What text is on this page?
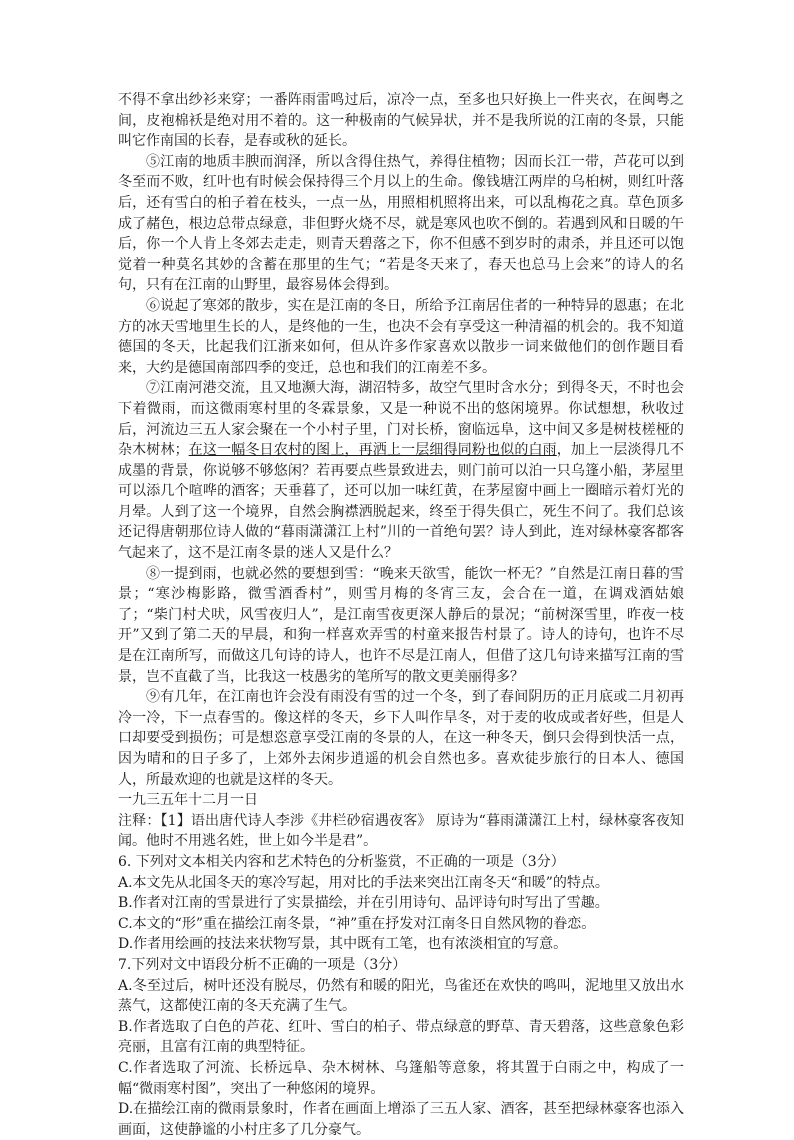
不得不拿出纱衫来穿；一番阵雨雷鸣过后，凉冷一点，至多也只好换上一件夹衣，在闽粤之间，皮袍棉袄是绝对用不着的。这一种极南的气候异状，并不是我所说的江南的冬景，只能叫它作南国的长春，是春或秋的延长。

⑤江南的地质丰腴而润泽，所以含得住热气，养得住植物；因而长江一带，芦花可以到冬至而不败，红叶也有时候会保持得三个月以上的生命。像钱塘江两岸的乌桕树，则红叶落后，还有雪白的桕子着在枝头，一点一丛，用照相机照将出来，可以乱梅花之真。草色顶多成了赭色，根边总带点绿意，非但野火烧不尽，就是寒风也吹不倒的。若遇到风和日暖的午后，你一个人肯上冬郊去走走，则青天碧落之下，你不但感不到岁时的肃杀，并且还可以饱觉着一种莫名其妙的含蓄在那里的生气；“若是冬天来了，春天也总马上会来”的诗人的名句，只有在江南的山野里，最容易体会得到。

⑥说起了寒郊的散步，实在是江南的冬日，所给予江南居住者的一种特异的恩惠；在北方的冰天雪地里生长的人，是终他的一生，也决不会有享受这一种清福的机会的。我不知道德国的冬天，比起我们江浙来如何，但从许多作家喜欢以散步一词来做他们的创作题目看来，大约是德国南部四季的变迁，总也和我们的江南差不多。

⑦江南河港交流，且又地濒大海，湖沼特多，故空气里时含水分；到得冬天，不时也会下着微雨，而这微雨寒村里的冬霖景象，又是一种说不出的悠闲境界。你试想想，秋收过后，河流边三五人家会聚在一个小村子里，门对长桥，窗临远阜，这中间又多是树枝槎桠的杂木树林；在这一幅冬日农村的图上，再洒上一层细得同粉也似的白雨，加上一层淡得几不成墨的背景，你说够不够悠闲？若再要点些景致进去，则门前可以泊一只乌篷小船，茅屋里可以添几个喧哗的酒客；天垂暮了，还可以加一味红黄，在茅屋窗中画上一圈暗示着灯光的月晕。人到了这一个境界，自然会胸襟洒脱起来，终至于得失俱亡，死生不问了。我们总该还记得唐朝那位诗人做的“暮雨潇潇江上村”川的一首绝句罢？诗人到此，连对绿林豪客都客气起来了，这不是江南冬景的迷人又是什么？

⑧一提到雨，也就必然的要想到雪：“晚来天欲雪，能饮一杯无？”自然是江南日暮的雪景；“寒沙梅影路，微雪酒香村”，则雪月梅的冬宵三友，会合在一道，在调戏酒姑娘了；“柴门村犬吠，风雪夜归人”，是江南雪夜更深人静后的景况；“前树深雪里，昨夜一枝开”又到了第二天的早晨，和狗一样喜欢弄雪的村童来报告村景了。诗人的诗句，也许不尽是在江南所写，而做这几句诗的诗人，也许不尽是江南人，但借了这几句诗来描写江南的雪景，岂不直截了当，比我这一枝愚劣的笔所写的散文更美丽得多？

⑨有几年，在江南也许会没有雨没有雪的过一个冬，到了春间阴历的正月底或二月初再冷一冷，下一点春雪的。像这样的冬天，乡下人叫作旱冬，对于麦的收成或者好些，但是人口却要受到损伤；可是想恣意享受江南的冬景的人，在这一种冬天，倒只会得到快活一点，因为晴和的日子多了，上郊外去闲步逍遥的机会自然也多。喜欢徒步旅行的日本人、德国人，所最欢迎的也就是这样的冬天。

一九三五年十二月一日

注释：【1】语出唐代诗人李涉《井栏砂宿遇夜客》 原诗为“暮雨潇潇江上村，绿林豪客夜知闻。他时不用逃名姓，世上如今半是君”。

6. 下列对文本相关内容和艺术特色的分析鉴赏，不正确的一项是（3分）

A.本文先从北国冬天的寒冷写起，用对比的手法来突出江南冬天“和暖”的特点。

B.作者对江南的雪景进行了实景描绘，并在引用诗句、品评诗句时写出了雪趣。

C.本文的“形”重在描绘江南冬景，“神”重在抒发对江南冬日自然风物的眷恋。

D.作者用绘画的技法来状物写景，其中既有工笔，也有浓淡相宜的写意。

7.下列对文中语段分析不正确的一项是（3分）

A.冬至过后，树叶还没有脱尽，仍然有和暖的阳光，鸟雀还在欢快的鸣叫，泥地里又放出水蒸气，这都使江南的冬天充满了生气。

B.作者选取了白色的芦花、红叶、雪白的柏子、带点绿意的野草、青天碧落，这些意象色彩亮丽，且富有江南的典型特征。

C.作者选取了河流、长桥远阜、杂木树林、乌篷船等意象，将其置于白雨之中，构成了一幅“微雨寒村图”，突出了一种悠闲的境界。

D.在描绘江南的微雨景象时，作者在画面上增添了三五人家、酒客，甚至把绿林豪客也添入画面，这使静谧的小村庄多了几分豪气。
